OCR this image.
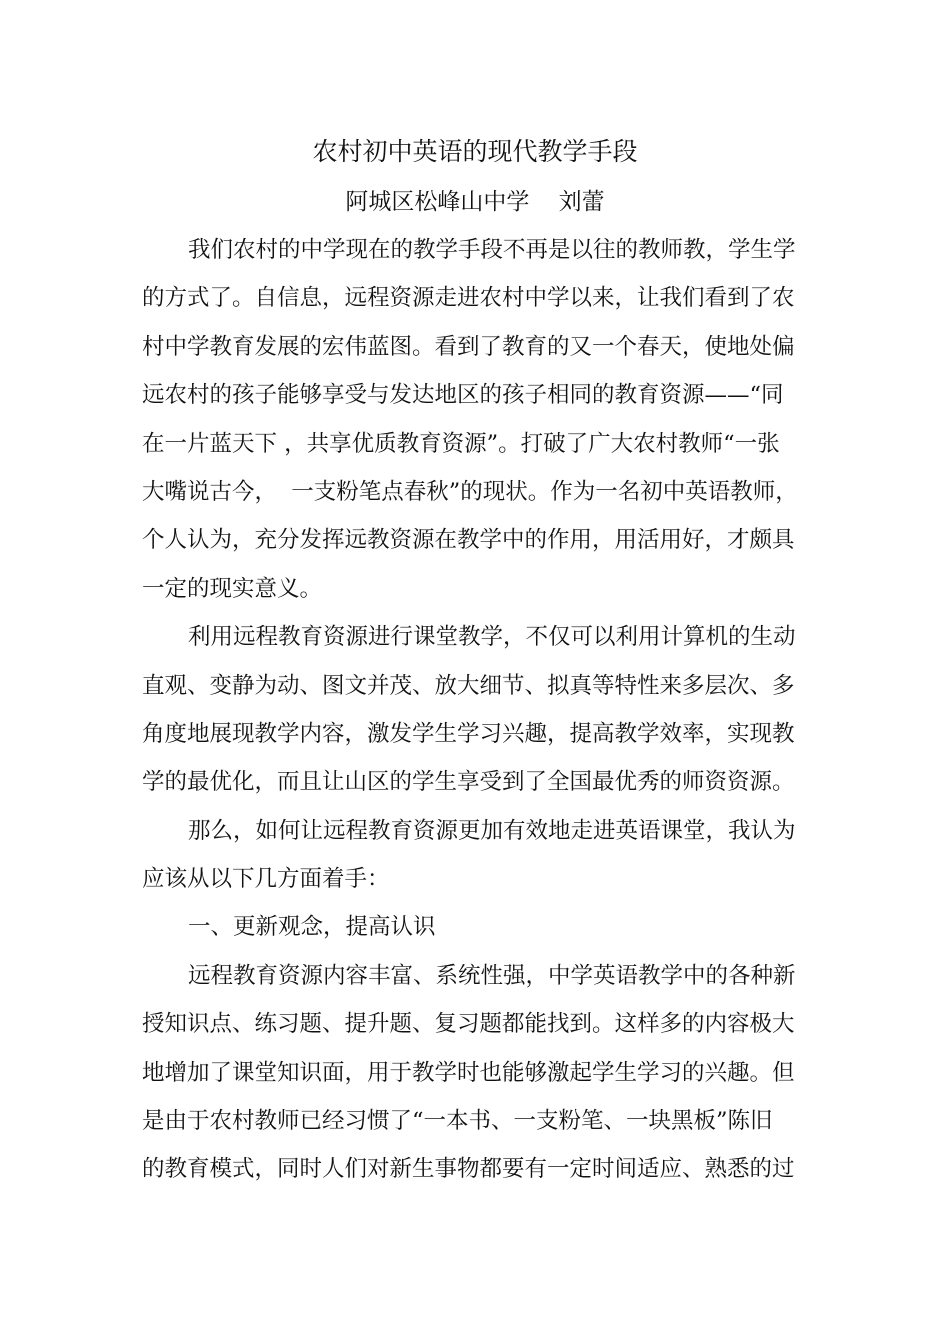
农村初中英语的现代教学手段
阿城区松峰山中学    刘蕾
我们农村的中学现在的教学手段不再是以往的教师教，学生学
的方式了。自信息，远程资源走进农村中学以来，让我们看到了农
村中学教育发展的宏伟蓝图。看到了教育的又一个春天，使地处偏
远农村的孩子能够享受与发达地区的孩子相同的教育资源——“同
在一片蓝天下 ，共享优质教育资源”。打破了广大农村教师“一张
大嘴说古今，  一支粉笔点春秋”的现状。作为一名初中英语教师，
个人认为，充分发挥远教资源在教学中的作用，用活用好，才颇具
一定的现实意义。
利用远程教育资源进行课堂教学，不仅可以利用计算机的生动
直观、变静为动、图文并茂、放大细节、拟真等特性来多层次、多
角度地展现教学内容，激发学生学习兴趣，提高教学效率，实现教
学的最优化，而且让山区的学生享受到了全国最优秀的师资资源。
那么，如何让远程教育资源更加有效地走进英语课堂，我认为
应该从以下几方面着手：
一、更新观念，提高认识
远程教育资源内容丰富、系统性强，中学英语教学中的各种新
授知识点、练习题、提升题、复习题都能找到。这样多的内容极大
地增加了课堂知识面，用于教学时也能够激起学生学习的兴趣。但
是由于农村教师已经习惯了“一本书、一支粉笔、一块黑板”陈旧
的教育模式，同时人们对新生事物都要有一定时间适应、熟悉的过
